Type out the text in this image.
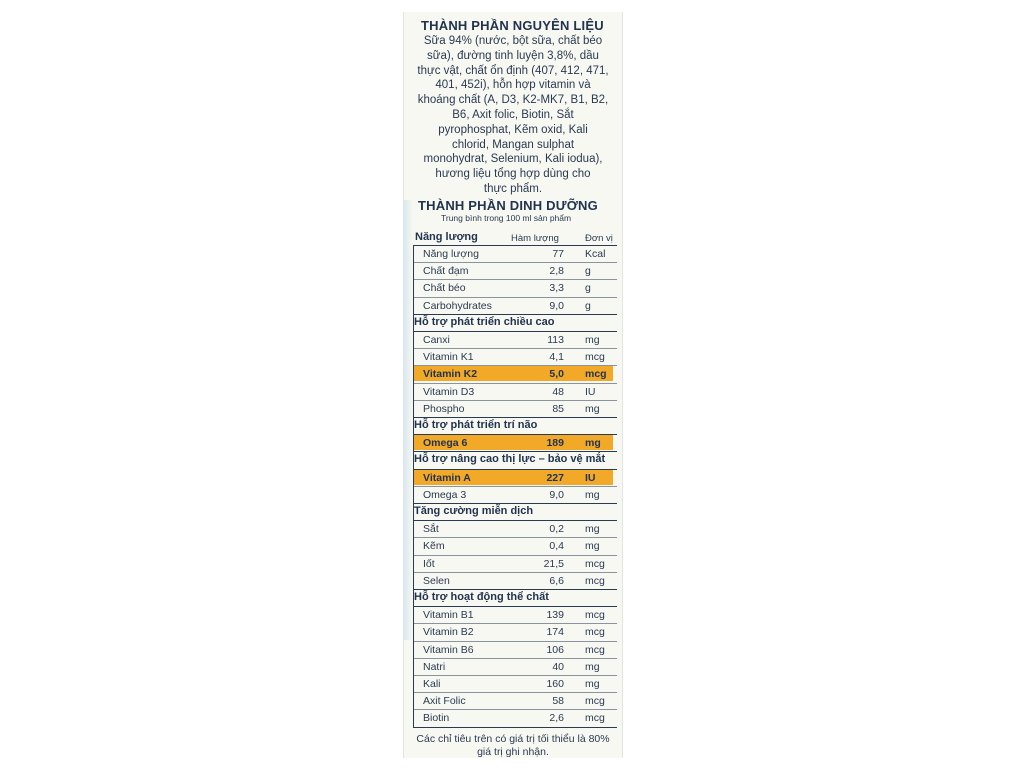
THÀNH PHẦN NGUYÊN LIỆU
THÀNH PHẦN DINH DƯỠNG
Trung bình trong 100 ml sản phẩm
Năng lượng	Hàm lượng	Đơn vị
Sữa 94% (nước, bột sữa, chất béo
sữa), đường tinh luyện 3,8%, dầu
thực vật, chất ổn định (407, 412, 471,
401, 452i), hỗn hợp vitamin và
khoáng chất (A, D3, K2-MK7, B1, B2,
B6, Axit folic, Biotin, Sắt
pyrophosphat, Kẽm oxid, Kali
chlorid, Mangan sulphat
monohydrat, Selenium, Kali iodua),
hương liệu tổng hợp dùng cho
thực phẩm.
Năng lượng	77 Kcal
Chất đạm	2,8 g
Chất béo	3,3 g
Carbohydrates	9,0 g
Hỗ trợ phát triển chiều cao
Canxi	113 mg
Vitamin K1	4,1 mcg
Vitamin K2	5,0 mcg
Vitamin D3	48 IU
Phospho	85 mg
Hỗ trợ phát triển trí não
Omega 6	189 mg
Hỗ trợ nâng cao thị lực – bảo vệ mắt
Vitamin A	227 IU
Omega 3	9,0 mg
Tăng cường miễn dịch
Sắt	0,2 mg
Kẽm	0,4 mg
Iốt	21,5 mcg
Selen	6,6 mcg
Hỗ trợ hoạt động thể chất
Vitamin B1	139 mcg
Vitamin B2	174 mcg
Vitamin B6	106 mcg
Natri	40 mg
Kali	160 mg
Axit Folic	58 mcg
Biotin	2,6 mcg
Các chỉ tiêu trên có giá trị tối thiểu là 80%
giá trị ghi nhận.
